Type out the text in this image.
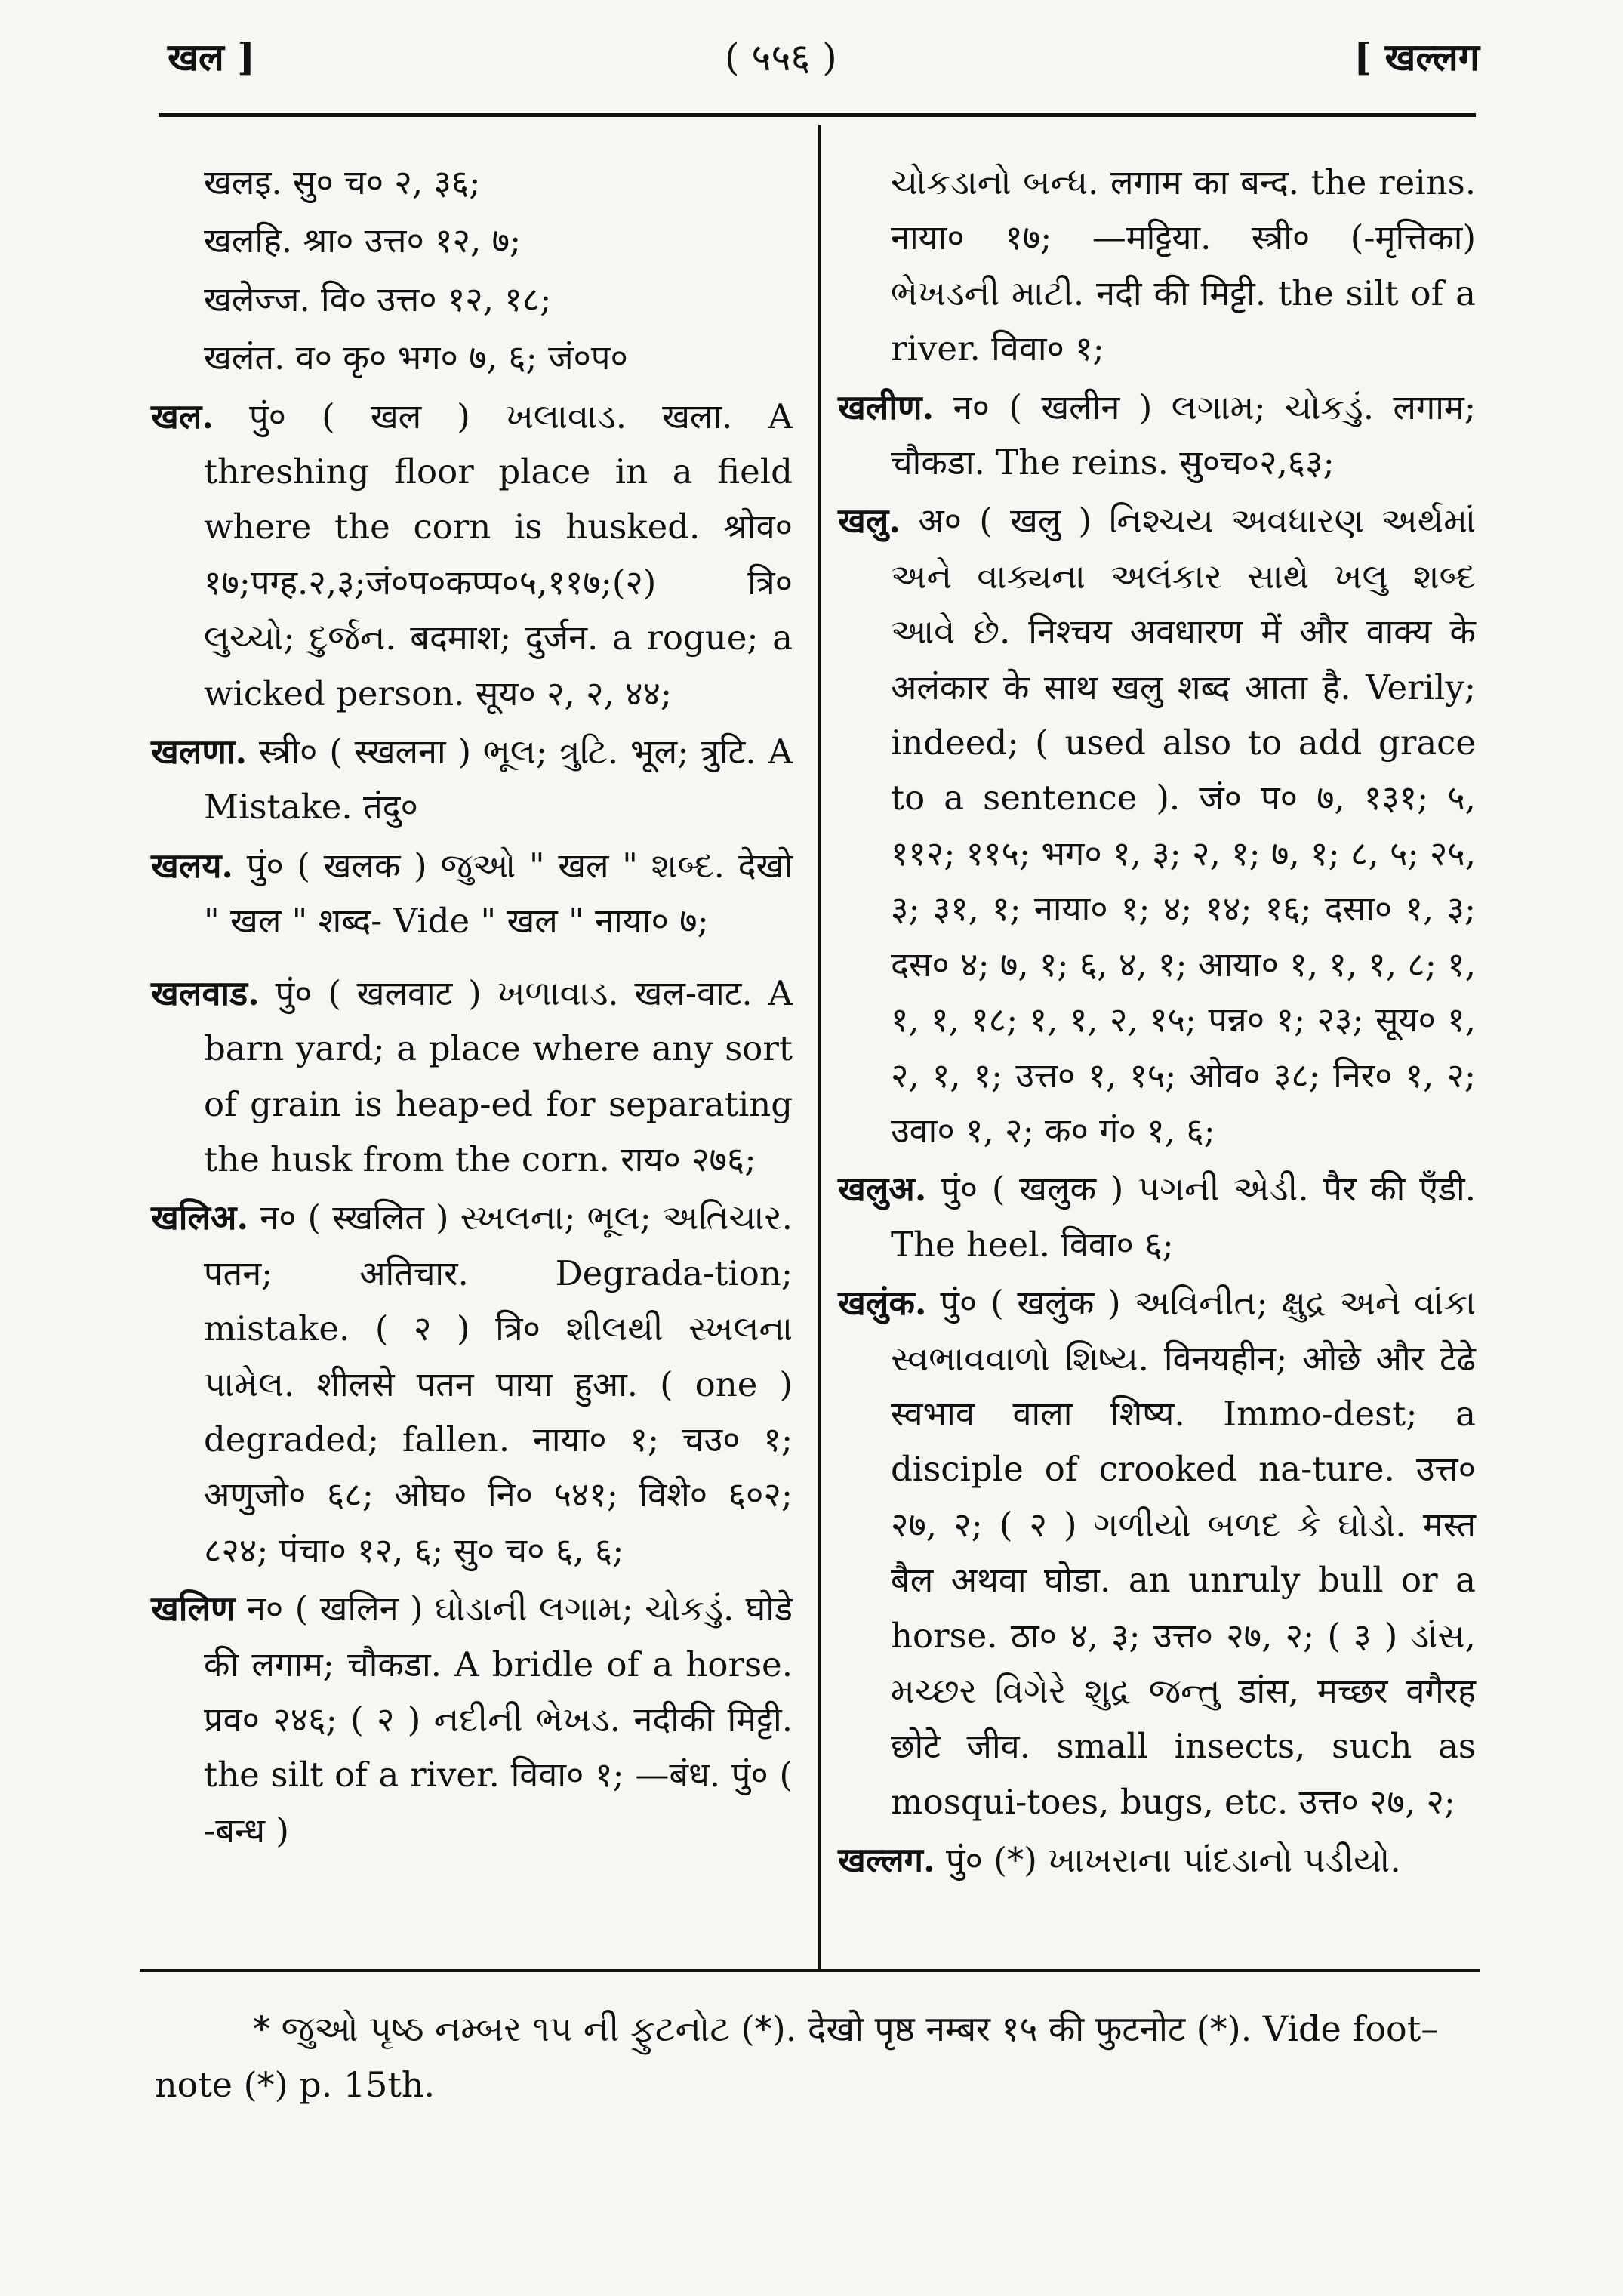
खल ]	( ५५६ )	[ खल्लग
खलइ. सु० च० २, ३६;
खलहि. श्रा० उत्त० १२, ७;
खलेज्ज. वि० उत्त० १२, १८;
खलंत. व० कृ० भग० ७, ६; जं०प०
खल. पुं० ( खल ) ખલાવાડ. खला. A threshing floor place in a field where the corn is husked. श्रोव० १७;पग्ह.२,३;जं०प०कप्प०५,११७;(२) त्रि० લુચ્ચો; દુર્જન. बदमाश; दुर्जन. a rogue; a wicked person. सूय० २, २, ४४;
खलणा. स्त्री० ( स्खलना ) ભૂલ; ત્રુટિ. भूल; त्रुटि. A Mistake. तंदु०
खलय. पुं० ( खलक ) જુઓ " खल " શબ્દ. देखो " खल " शब्द- Vide " खल " नाया० ७;
खलवाड. पुं० ( खलवाट ) ખળાવાડ. खल-वाट. A barn yard; a place where any sort of grain is heap-ed for separating the husk from the corn. राय० २७६;
खलिअ. न० ( स्खलित ) સ્ખલના; ભૂલ; અતિચાર. पतन; अतिचार. Degrada-tion; mistake. ( २ ) त्रि० શીલથી સ્ખલના પામેલ. शीलसे पतन पाया हुआ. ( one ) degraded; fallen. नाया० १; चउ० १; अणुजो० ६८; ओघ० नि० ५४१; विशे० ६०२; ८२४; पंचा० १२, ६; सु० च० ६, ६;
खलिण न० ( खलिन ) ઘોડાની લગામ; ચોકડું. घोडे की लगाम; चौकडा. A bridle of a horse. प्रव० २४६; ( २ ) નદીની ભેખડ. नदीकी मिट्टी. the silt of a river. विवा० १; —बंध. पुं० ( -बन्ध )
ચોકડાનો બન્ધ. लगाम का बन्द. the reins. नाया० १७; —मट्टिया. स्त्री० (-मृत्तिका) ભેખડની માટી. नदी की मिट्टी. the silt of a river. विवा० १;
खलीण. न० ( खलीन ) લગામ; ચોકડું. लगाम; चौकडा. The reins. सु०च०२,६३;
खलु. अ० ( खलु ) નિશ્ચય અવધારણ અર્થમાં અને વાક્યના અલંકાર સાથે ખલુ શબ્દ આવે છે. निश्चय अवधारण में और वाक्य के अलंकार के साथ खलु शब्द आता है. Verily; indeed; ( used also to add grace to a sentence ). जं० प० ७, १३१; ५, ११२; ११५; भग० १, ३; २, १; ७, १; ८, ५; २५, ३; ३१, १; नाया० १; ४; १४; १६; दसा० १, ३; दस० ४; ७, १; ६, ४, १; आया० १, १, १, ८; १, १, १, १८; १, १, २, १५; पन्न० १; २३; सूय० १, २, १, १; उत्त० १, १५; ओव० ३८; निर० १, २; उवा० १, २; क० गं० १, ६;
खलुअ. पुं० ( खलुक ) પગની એડી. पैर की एँडी. The heel. विवा० ६;
खलुंक. पुं० ( खलुंक ) અવિનીત; ક્ષુદ્ર અને વાંકા સ્વભાવવાળો શિષ્ય. विनयहीन; ओछे और टेढे स्वभाव वाला शिष्य. Immo-dest; a disciple of crooked na-ture. उत्त० २७, २; ( २ ) ગળીયો બળદ કે ઘોડો. मस्त बैल अथवा घोडा. an unruly bull or a horse. ठा० ४, ३; उत्त० २७, २; ( ३ ) ડાંસ, મચ્છર વિગેરે શુદ્ર જન્તુ डांस, मच्छर वगैरह छोटे जीव. small insects, such as mosqui-toes, bugs, etc. उत्त० २७, २;
खल्लग. पुं० (*) ખાખરાના પાંદડાનો પડીયો.
* જુઓ પૃષ્ઠ નમ્બર ૧૫ ની ફુટનોટ (*). देखो पृष्ठ नम्बर १५ की फुटनोट (*). Vide foot–note (*) p. 15th.
